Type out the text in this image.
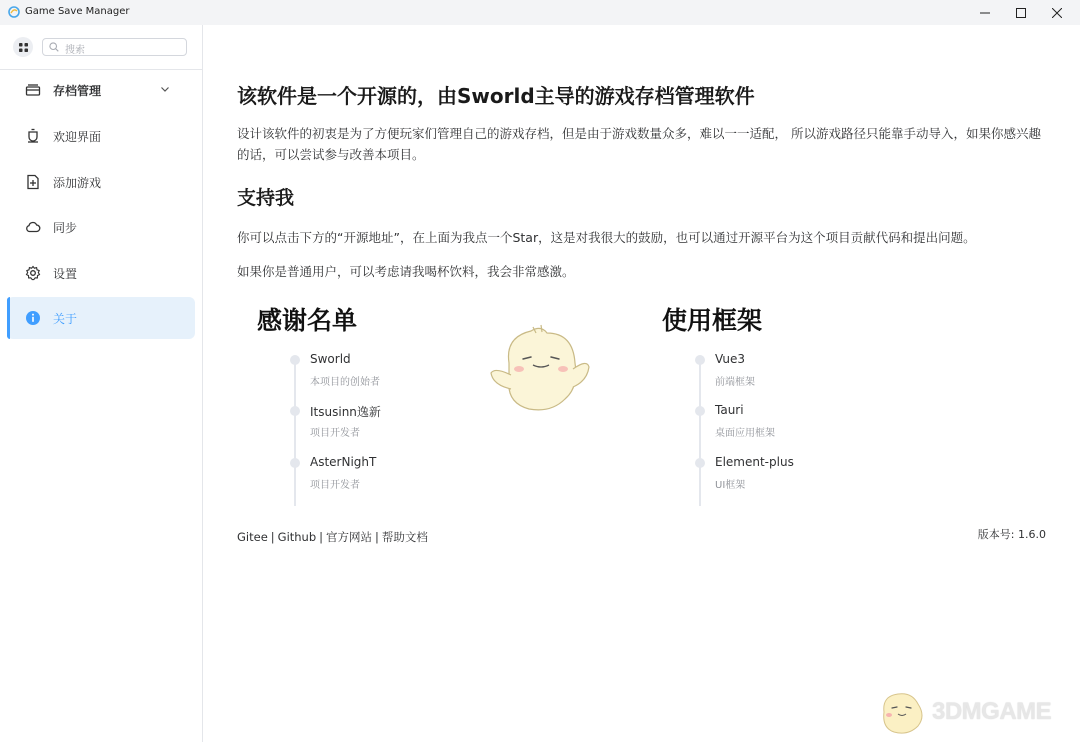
Game Save Manager
搜索
存档管理
欢迎界面
添加游戏
同步
设置
关于
该软件是一个开源的，由Sworld主导的游戏存档管理软件
设计该软件的初衷是为了方便玩家们管理自己的游戏存档，但是由于游戏数量众多，难以一一适配， 所以游戏路径只能靠手动导入，如果你感兴趣的话，可以尝试参与改善本项目。
支持我
你可以点击下方的“开源地址”，在上面为我点一个Star，这是对我很大的鼓励，也可以通过开源平台为这个项目贡献代码和提出问题。
如果你是普通用户，可以考虑请我喝杯饮料，我会非常感激。
感谢名单
Sworld
本项目的创始者
Itsusinn逸新
项目开发者
AsterNighT
项目开发者
使用框架
Vue3
前端框架
Tauri
桌面应用框架
Element-plus
UI框架
Gitee | Github | 官方网站 | 帮助文档	版本号: 1.6.0
3DMGAME
